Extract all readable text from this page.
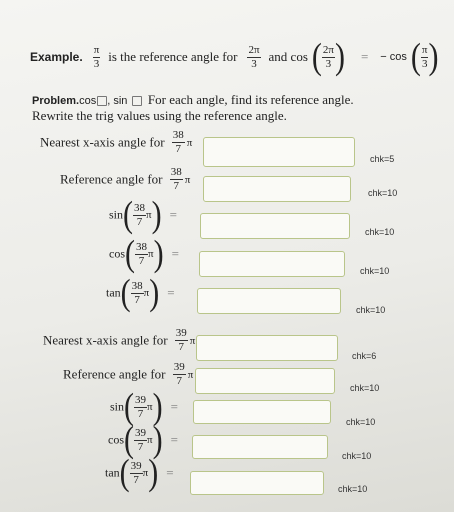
Example. $\frac{\pi}{3}$ is the reference angle for $\frac{2\pi}{3}$ and cos ( $\frac{2\pi}{3}$ ) = − cos ( $\frac{\pi}{3}$ )
Problem.cos , sin For each angle, find its reference angle.
Rewrite the trig values using the reference angle.
Nearest x-axis angle for $\frac{38}{7}$ π
chk=5
Reference angle for $\frac{38}{7}$ π
chk=10
$\sin( \frac{38}{7} \pi)$ =
chk=10
$\cos( \frac{38}{7} \pi)$ =
chk=10
$\tan( \frac{38}{7} \pi)$ =
chk=10
Nearest x-axis angle for $\frac{39}{7}$ π
chk=6
Reference angle for $\frac{39}{7}$ π
chk=10
$\sin( \frac{39}{7} \pi)$ =
chk=10
$\cos( \frac{39}{7} \pi)$ =
chk=10
$\tan( \frac{39}{7} \pi)$ =
chk=10
